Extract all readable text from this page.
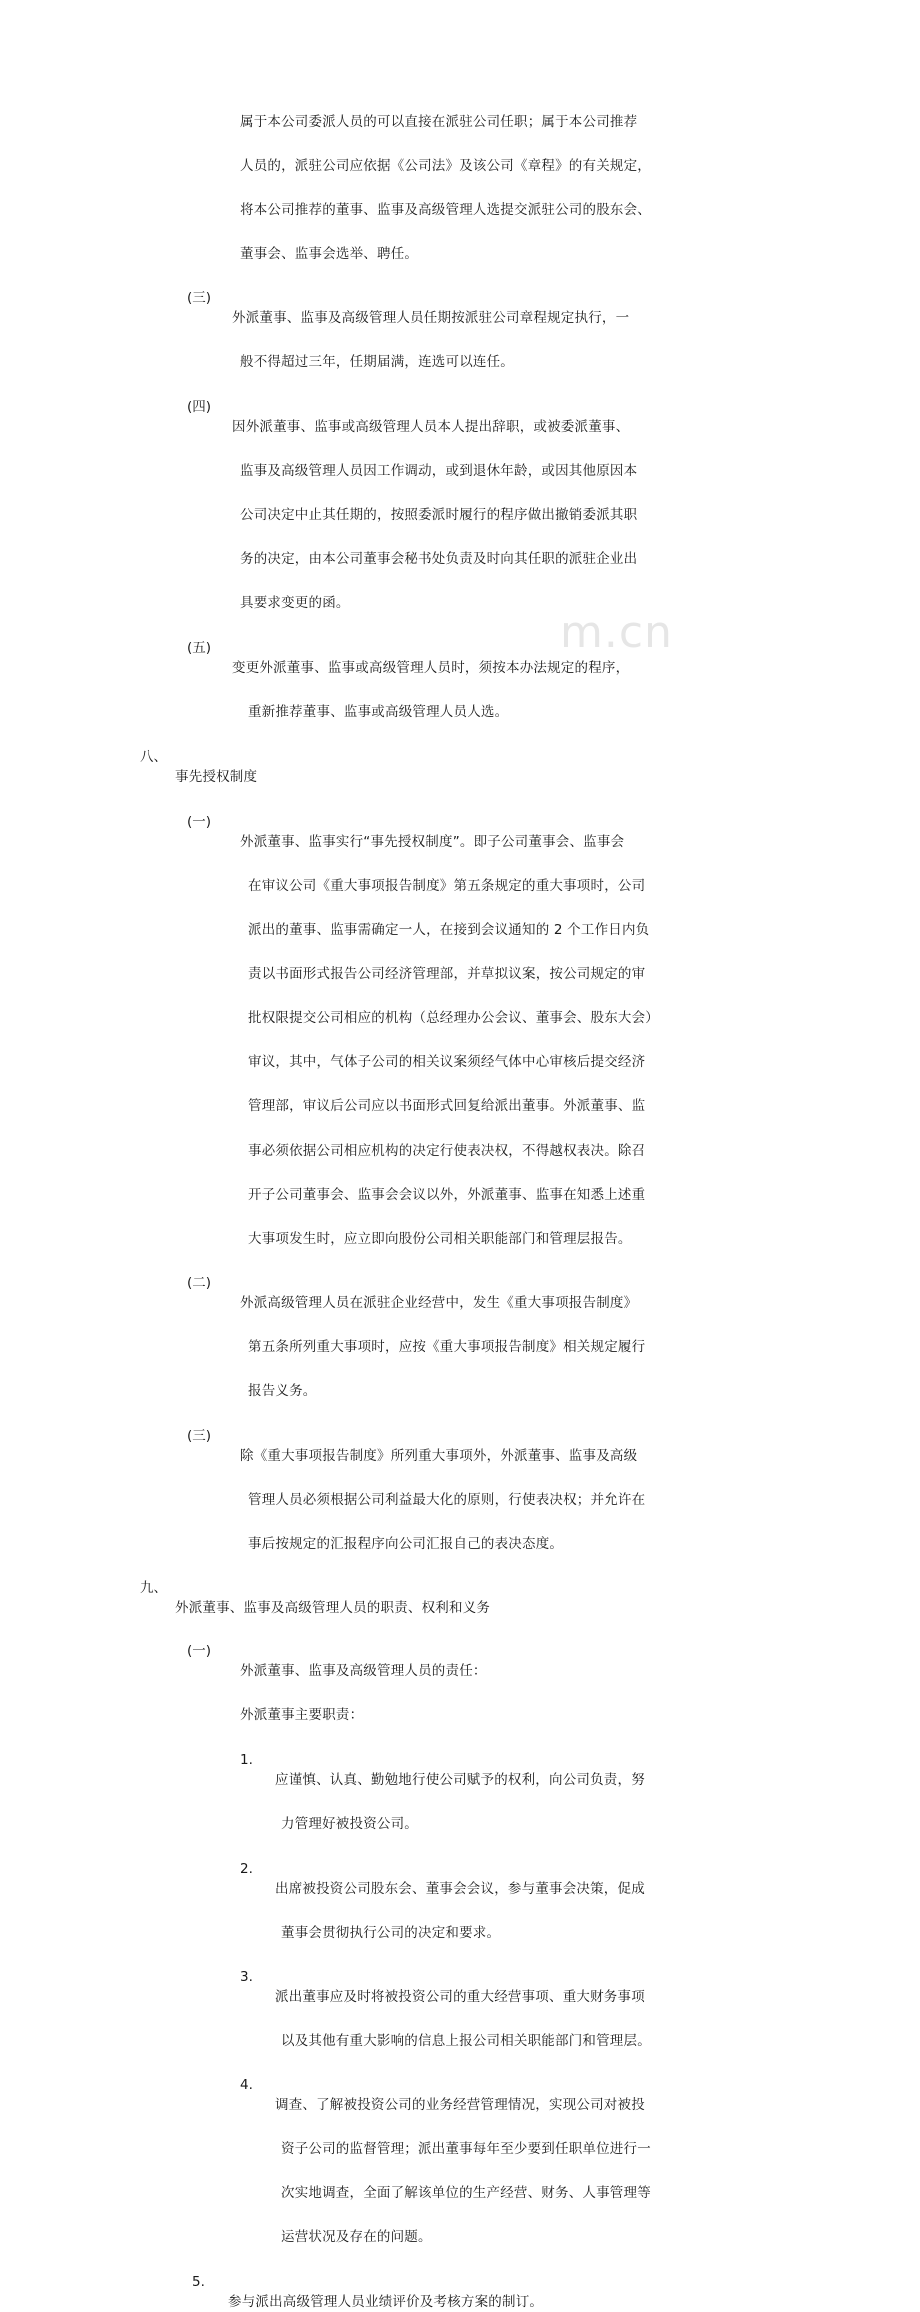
m.cn
属于本公司委派人员的可以直接在派驻公司任职；属于本公司推荐
人员的，派驻公司应依据《公司法》及该公司《章程》的有关规定，
将本公司推荐的董事、监事及高级管理人选提交派驻公司的股东会、
董事会、监事会选举、聘任。
(三)
外派董事、监事及高级管理人员任期按派驻公司章程规定执行，一
般不得超过三年，任期届满，连选可以连任。
(四)
因外派董事、监事或高级管理人员本人提出辞职，或被委派董事、
监事及高级管理人员因工作调动，或到退休年龄，或因其他原因本
公司决定中止其任期的，按照委派时履行的程序做出撤销委派其职
务的决定，由本公司董事会秘书处负责及时向其任职的派驻企业出
具要求变更的函。
(五)
变更外派董事、监事或高级管理人员时，须按本办法规定的程序，
重新推荐董事、监事或高级管理人员人选。
八、
事先授权制度
(一)
外派董事、监事实行“事先授权制度”。即子公司董事会、监事会
在审议公司《重大事项报告制度》第五条规定的重大事项时，公司
派出的董事、监事需确定一人，在接到会议通知的 2 个工作日内负
责以书面形式报告公司经济管理部，并草拟议案，按公司规定的审
批权限提交公司相应的机构（总经理办公会议、董事会、股东大会）
审议，其中，气体子公司的相关议案须经气体中心审核后提交经济
管理部，审议后公司应以书面形式回复给派出董事。外派董事、监
事必须依据公司相应机构的决定行使表决权，不得越权表决。除召
开子公司董事会、监事会会议以外，外派董事、监事在知悉上述重
大事项发生时，应立即向股份公司相关职能部门和管理层报告。
(二)
外派高级管理人员在派驻企业经营中，发生《重大事项报告制度》
第五条所列重大事项时，应按《重大事项报告制度》相关规定履行
报告义务。
(三)
除《重大事项报告制度》所列重大事项外，外派董事、监事及高级
管理人员必须根据公司利益最大化的原则，行使表决权；并允许在
事后按规定的汇报程序向公司汇报自己的表决态度。
九、
外派董事、监事及高级管理人员的职责、权利和义务
(一)
外派董事、监事及高级管理人员的责任：
外派董事主要职责：
1.
应谨慎、认真、勤勉地行使公司赋予的权利，向公司负责，努
力管理好被投资公司。
2.
出席被投资公司股东会、董事会会议，参与董事会决策，促成
董事会贯彻执行公司的决定和要求。
3.
派出董事应及时将被投资公司的重大经营事项、重大财务事项
以及其他有重大影响的信息上报公司相关职能部门和管理层。
4.
调查、了解被投资公司的业务经营管理情况，实现公司对被投
资子公司的监督管理；派出董事每年至少要到任职单位进行一
次实地调查，全面了解该单位的生产经营、财务、人事管理等
运营状况及存在的问题。
5.
参与派出高级管理人员业绩评价及考核方案的制订。
